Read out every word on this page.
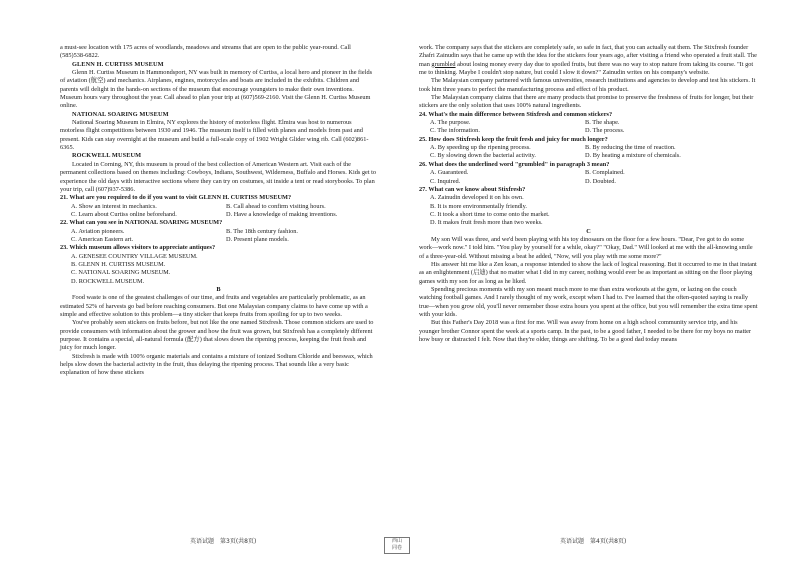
a must-see location with 175 acres of woodlands, meadows and streams that are open to the public year-round. Call (585)538-6822.

GLENN H. CURTISS MUSEUM

Glenn H. Curtiss Museum in Hammondsport, NY was built in memory of Curtiss, a local hero and pioneer in the fields of aviation (航空) and mechanics. Airplanes, engines, motorcycles and boats are included in the exhibits. Children and parents will delight in the hands-on sections of the museum that encourage youngsters to make their own inventions. Museum hours vary throughout the year. Call ahead to plan your trip at (607)569-2160. Visit the Glenn H. Curtiss Museum online.

NATIONAL SOARING MUSEUM

National Soaring Museum in Elmira, NY explores the history of motorless flight. Elmira was host to numerous motorless flight competitions between 1930 and 1946. The museum itself is filled with planes and models from past and present. Kids can stay overnight at the museum and build a full-scale copy of 1902 Wright Glider wing rib. Call (602)861-6365.

ROCKWELL MUSEUM

Located in Corning, NY, this museum is proud of the best collection of American Western art. Visit each of the permanent collections based on themes including: Cowboys, Indians, Southwest, Wilderness, Buffalo and Horses. Kids get to experience the old days with interactive sections where they can try on costumes, sit inside a tent or read storybooks. To plan your trip, call (607)937-5386.

21. What are you required to do if you want to visit GLENN H. CURTISS MUSEUM?

A. Show an interest in mechanics.	B. Call ahead to confirm visiting hours.
C. Learn about Curtiss online beforehand.	D. Have a knowledge of making inventions.

22. What can you see in NATIONAL SOARING MUSEUM?

A. Aviation pioneers.	B. The 18th century fashion.
C. American Eastern art.	D. Present plane models.

23. Which museum allows visitors to appreciate antiques?

A. GENESEE COUNTRY VILLAGE MUSEUM.
B. GLENN H. CURTISS MUSEUM.
C. NATIONAL SOARING MUSEUM.
D. ROCKWELL MUSEUM.

B

Food waste is one of the greatest challenges of our time, and fruits and vegetables are particularly problematic, as an estimated 52% of harvests go bad before reaching consumers. But one Malaysian company claims to have come up with a simple and effective solution to this problem—a tiny sticker that keeps fruits from spoiling for up to two weeks.

You've probably seen stickers on fruits before, but not like the one named Stixfresh. Those common stickers are used to provide consumers with information about the grower and how the fruit was grown, but Stixfresh has a completely different purpose. It contains a special, all-natural formula (配方) that slows down the ripening process, keeping the fruit fresh and juicy for much longer.

Stixfresh is made with 100% organic materials and contains a mixture of ionized Sodium Chloride and beeswax, which helps slow down the bacterial activity in the fruit, thus delaying the ripening process. That sounds like a very basic explanation of how these stickers

work. The company says that the stickers are completely safe, so safe in fact, that you can actually eat them. The Stixfresh founder Zhafri Zainudin says that he came up with the idea for the stickers four years ago, after visiting a friend who operated a fruit stall. The man grumbled about losing money every day due to spoiled fruits, but there was no way to stop nature from taking its course. "It got me to thinking. Maybe I couldn't stop nature, but could I slow it down?" Zainudin writes on his company's website.

The Malaysian company partnered with famous universities, research institutions and agencies to develop and test his stickers. It took him three years to perfect the manufacturing process and effect of his product.

The Malaysian company claims that there are many products that promise to preserve the freshness of fruits for longer, but their stickers are the only solution that uses 100% natural ingredients.

24. What's the main difference between Stixfresh and common stickers?

A. The purpose.	B. The shape.
C. The information.	D. The process.

25. How does Stixfresh keep the fruit fresh and juicy for much longer?

A. By speeding up the ripening process.	B. By reducing the time of reaction.
C. By slowing down the bacterial activity.	D. By heating a mixture of chemicals.

26. What does the underlined word "grumbled" in paragraph 3 mean?

A. Guaranteed.	B. Complained.
C. Inquired.	D. Doubted.

27. What can we know about Stixfresh?

A. Zainudin developed it on his own.
B. It is more environmentally friendly.
C. It took a short time to come onto the market.
D. It makes fruit fresh more than two weeks.

C

My son Will was three, and we'd been playing with his toy dinosaurs on the floor for a few hours. "Dear, I've got to do some work—work now." I told him. "You play by yourself for a while, okay?" "Okay, Dad." Will looked at me with the all-knowing smile of a three-year-old. Without missing a beat he added, "Now, will you play with me some more?"

His answer hit me like a Zen koan, a response intended to show the lack of logical reasoning. But it occurred to me in that instant as an enlightenment (启迪) that no matter what I did in my career, nothing would ever be as important as sitting on the floor playing games with my son for as long as he liked.

Spending precious moments with my son meant much more to me than extra workouts at the gym, or lazing on the couch watching football games. And I rarely thought of my work, except when I had to. I've learned that the often-quoted saying is really true—when you grow old, you'll never remember those extra hours you spent at the office, but you will remember the extra time spent with your kids.

But this Father's Day 2018 was a first for me. Will was away from home on a high school community service trip, and his younger brother Connor spent the week at a sports camp. In the past, to be a good father, I needed to be there for my boys no matter how busy or distracted I felt. Now that they're older, things are shifting. To be a good dad today means

英语试题　第3页(共8页)	英语试题　第4页(共8页)
西山
同卷
